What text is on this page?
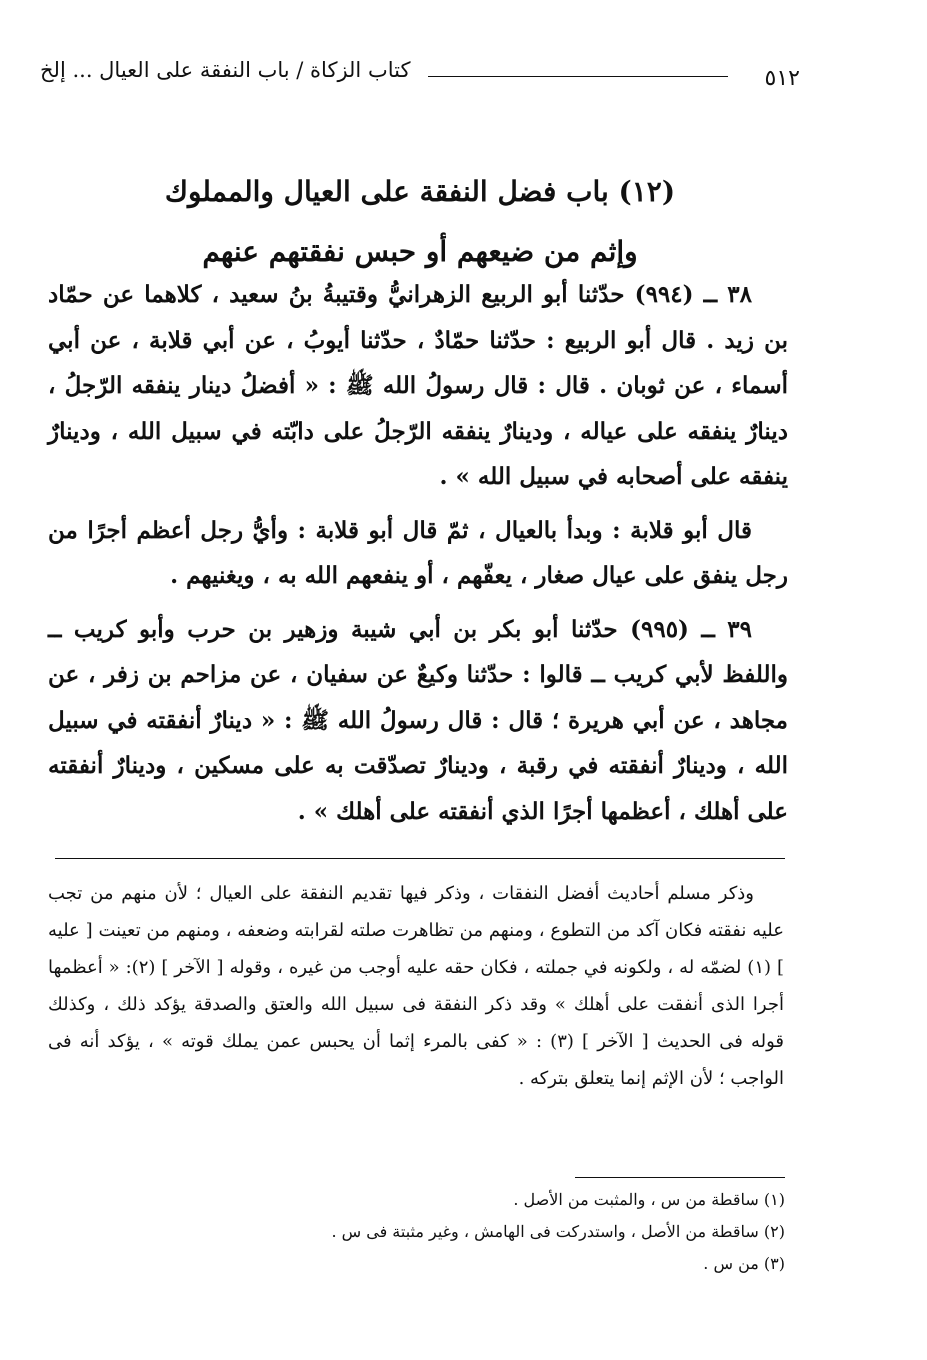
٥١٢
كتاب الزكاة / باب النفقة على العيال ... إلخ
(١٢) باب فضل النفقة على العيال والمملوك
وإثم من ضيعهم أو حبس نفقتهم عنهم

٣٨ ــ (٩٩٤) حدّثنا أبو الربيع الزهرانيُّ وقتيبةُ بنُ سعيد ، كلاهما عن حمّاد بن زيد . قال أبو الربيع : حدّثنا حمّادٌ ، حدّثنا أيوبُ ، عن أبي قلابة ، عن أبي أسماء ، عن ثوبان . قال : قال رسولُ الله ﷺ : « أفضلُ دينار ينفقه الرّجلُ ، دينارٌ ينفقه على عياله ، ودينارٌ ينفقه الرّجلُ على دابّته في سبيل الله ، ودينارٌ ينفقه على أصحابه في سبيل الله » .

قال أبو قلابة : وبدأ بالعيال ، ثمّ قال أبو قلابة : وأيُّ رجل أعظم أجرًا من رجل ينفق على عيال صغار ، يعفّهم ، أو ينفعهم الله به ، ويغنيهم .

٣٩ ــ (٩٩٥) حدّثنا أبو بكر بن أبي شيبة وزهير بن حرب وأبو كريب ــ واللفظ لأبي كريب ــ قالوا : حدّثنا وكيعٌ عن سفيان ، عن مزاحم بن زفر ، عن مجاهد ، عن أبي هريرة ؛ قال : قال رسولُ الله ﷺ : « دينارٌ أنفقته في سبيل الله ، ودينارٌ أنفقته في رقبة ، ودينارٌ تصدّقت به على مسكين ، ودينارٌ أنفقته على أهلك ، أعظمها أجرًا الذي أنفقته على أهلك » .

وذكر مسلم أحاديث أفضل النفقات ، وذكر فيها تقديم النفقة على العيال ؛ لأن منهم من تجب عليه نفقته فكان آكد من التطوع ، ومنهم من تظاهرت صلته لقرابته وضعفه ، ومنهم من تعينت [ عليه ] (١) لضمّه له ، ولكونه في جملته ، فكان حقه عليه أوجب من غيره ، وقوله [ الآخر ] (٢): « أعظمها أجرا الذى أنفقت على أهلك » وقد ذكر النفقة فى سبيل الله والعتق والصدقة يؤكد ذلك ، وكذلك قوله فى الحديث [ الآخر ] (٣) : « كفى بالمرء إثما أن يحبس عمن يملك قوته » ، يؤكد أنه فى الواجب ؛ لأن الإثم إنما يتعلق بتركه .

(١) ساقطة من س ، والمثبت من الأصل .
(٢) ساقطة من الأصل ، واستدركت فى الهامش ، وغير مثبتة فى س .
(٣) من س .
